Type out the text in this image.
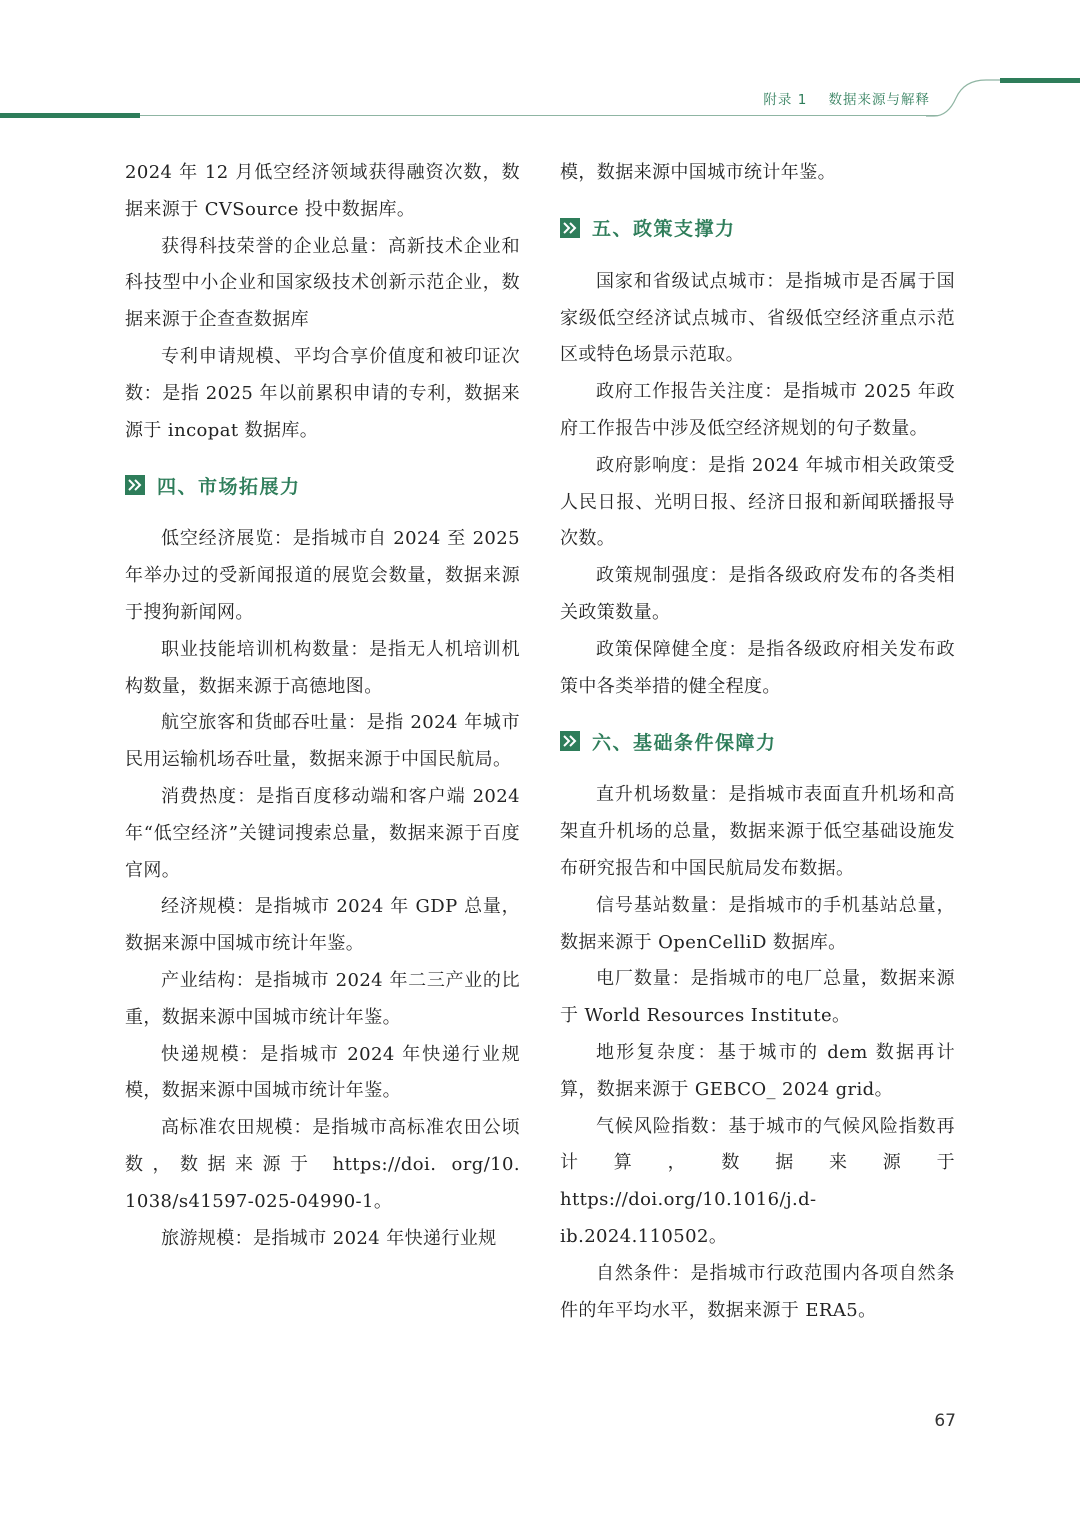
附录 1 数据来源与解释

2024 年 12 月低空经济领域获得融资次数，数据来源于 CVSource 投中数据库。

获得科技荣誉的企业总量：高新技术企业和科技型中小企业和国家级技术创新示范企业，数据来源于企查查数据库

专利申请规模、平均合享价值度和被印证次数：是指 2025 年以前累积申请的专利，数据来源于 incopat 数据库。

四、市场拓展力

低空经济展览：是指城市自 2024 至 2025 年举办过的受新闻报道的展览会数量，数据来源于搜狗新闻网。

职业技能培训机构数量：是指无人机培训机构数量，数据来源于高德地图。

航空旅客和货邮吞吐量：是指 2024 年城市民用运输机场吞吐量，数据来源于中国民航局。

消费热度：是指百度移动端和客户端 2024 年“低空经济”关键词搜索总量，数据来源于百度官网。

经济规模：是指城市 2024 年 GDP 总量，数据来源中国城市统计年鉴。

产业结构：是指城市 2024 年二三产业的比重，数据来源中国城市统计年鉴。

快递规模：是指城市 2024 年快递行业规模，数据来源中国城市统计年鉴。

高标准农田规模：是指城市高标准农田公顷数，数据来源于 https://doi. org/10. 1038/s41597-025-04990-1。

旅游规模：是指城市 2024 年快递行业规

模，数据来源中国城市统计年鉴。

五、政策支撑力

国家和省级试点城市：是指城市是否属于国家级低空经济试点城市、省级低空经济重点示范区或特色场景示范取。

政府工作报告关注度：是指城市 2025 年政府工作报告中涉及低空经济规划的句子数量。

政府影响度：是指 2024 年城市相关政策受人民日报、光明日报、经济日报和新闻联播报导次数。

政策规制强度：是指各级政府发布的各类相关政策数量。

政策保障健全度：是指各级政府相关发布政策中各类举措的健全程度。

六、基础条件保障力

直升机场数量：是指城市表面直升机场和高架直升机场的总量，数据来源于低空基础设施发布研究报告和中国民航局发布数据。

信号基站数量：是指城市的手机基站总量，数据来源于 OpenCelliD 数据库。

电厂数量：是指城市的电厂总量，数据来源于 World Resources Institute。

地形复杂度：基于城市的 dem 数据再计算，数据来源于 GEBCO_ 2024 grid。

气候风险指数：基于城市的气候风险指数再计算，数据来源于 https://doi.org/10.1016/j.d-ib.2024.110502。

自然条件：是指城市行政范围内各项自然条件的年平均水平，数据来源于 ERA5。

67
